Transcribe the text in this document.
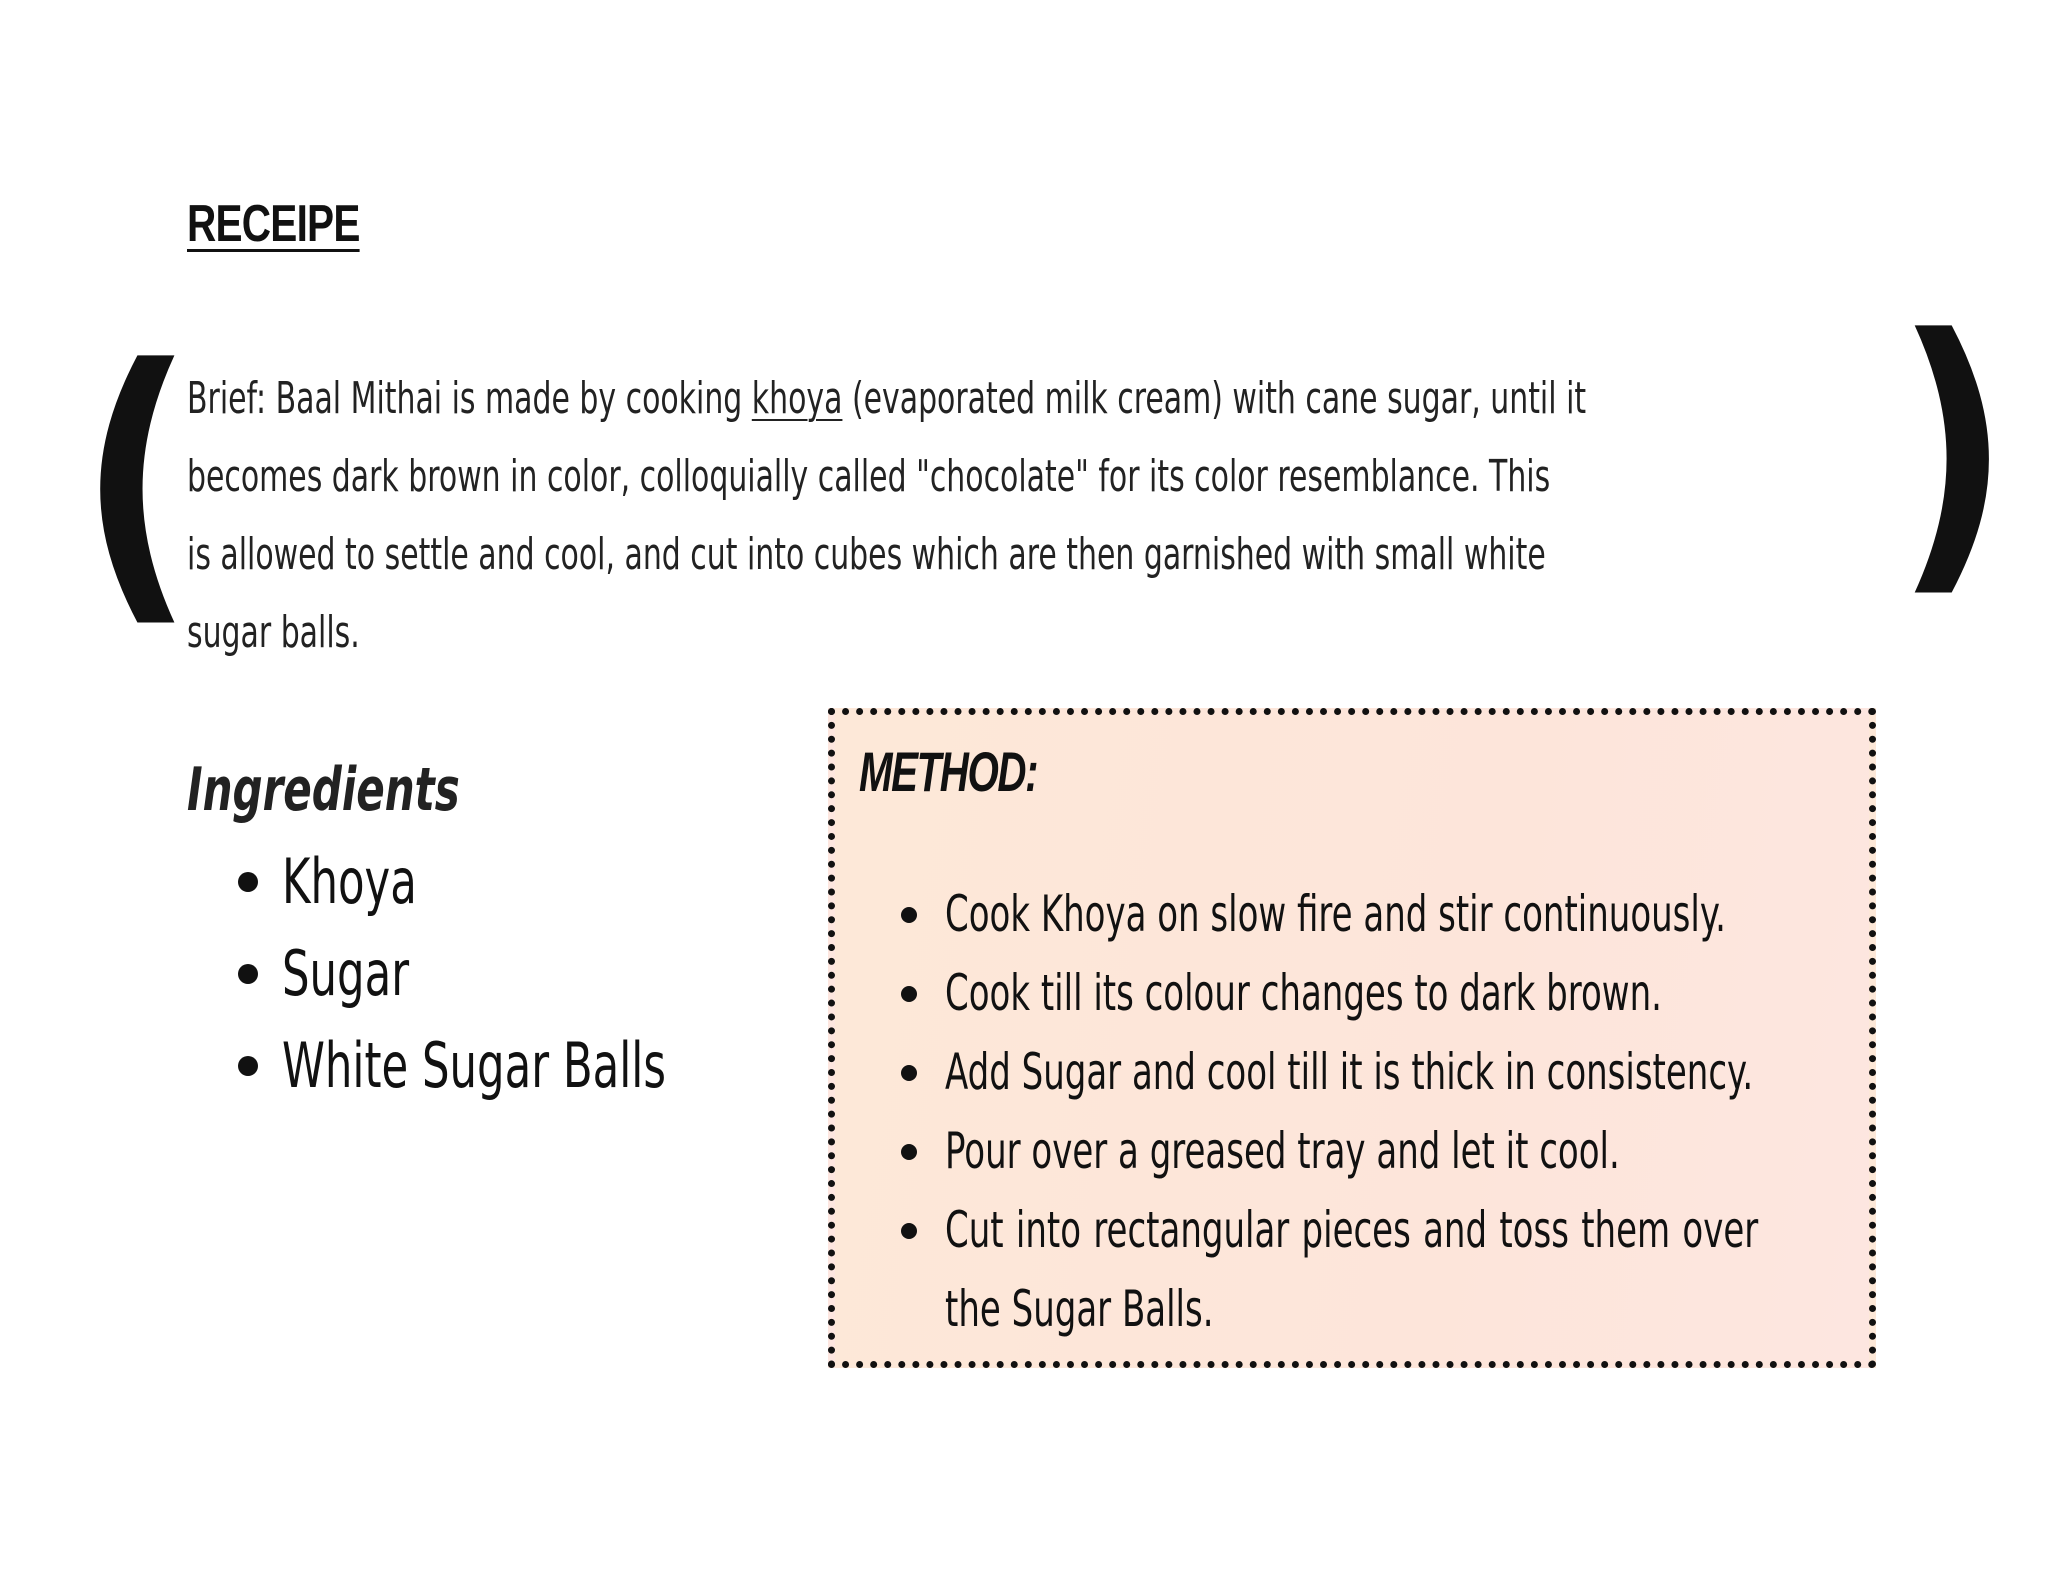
RECEIPE
(	)
Brief: Baal Mithai is made by cooking khoya (evaporated milk cream) with cane sugar, until it
becomes dark brown in color, colloquially called "chocolate" for its color resemblance. This
is allowed to settle and cool, and cut into cubes which are then garnished with small white
sugar balls.
Ingredients
Khoya
Sugar
White Sugar Balls
METHOD:
Cook Khoya on slow fire and stir continuously.
Cook till its colour changes to dark brown.
Add Sugar and cool till it is thick in consistency.
Pour over a greased tray and let it cool.
Cut into rectangular pieces and toss them over
the Sugar Balls.
